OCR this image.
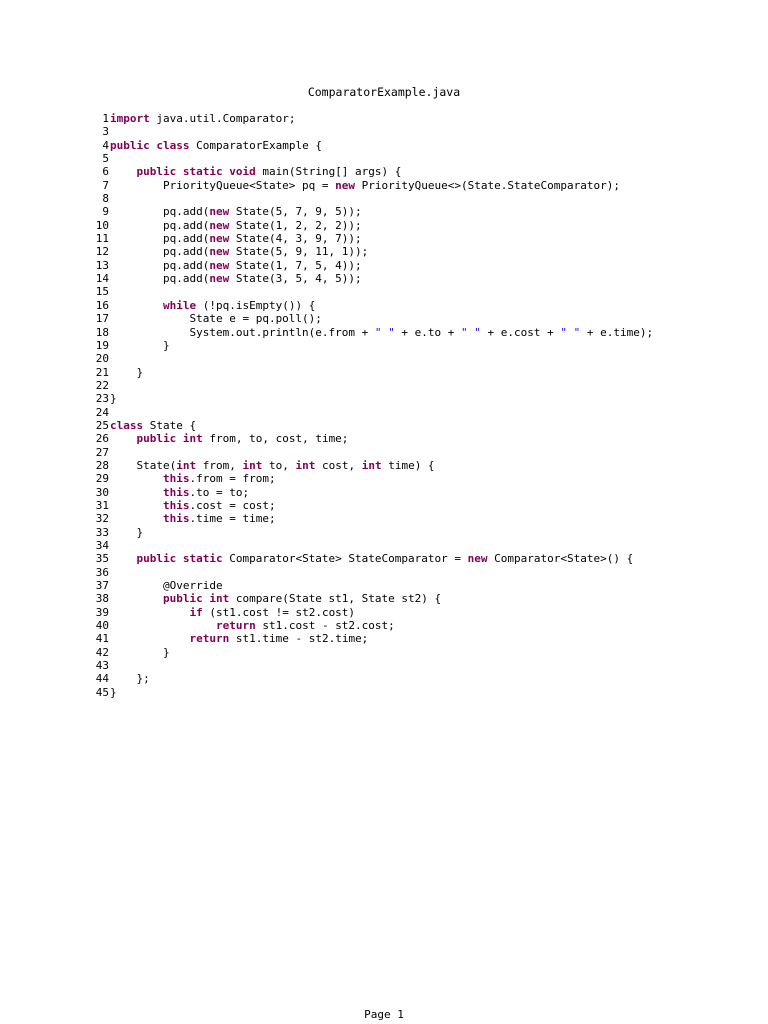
ComparatorExample.java
1 import java.util.Comparator;
3
4 public class ComparatorExample {
5
6	public static void main(String[] args) {
7 PriorityQueue<State> pq = new PriorityQueue<>(State.StateComparator);
8
9 pq.add(new State(5, 7, 9, 5));
10 pq.add(new State(1, 2, 2, 2));
11 pq.add(new State(4, 3, 9, 7));
12 pq.add(new State(5, 9, 11, 1));
13 pq.add(new State(1, 7, 5, 4));
14 pq.add(new State(3, 5, 4, 5));
15
16	while (!pq.isEmpty()) {
17 State e = pq.poll();
18 System.out.println(e.from + " " + e.to + " " + e.cost + " " + e.time);
19 }
20
21 }
22
23 }
24
25 class State {
26	public int from, to, cost, time;
27
28 State(int from, int to, int cost, int time) {
29	this.from = from;
30	this.to = to;
31	this.cost = cost;
32	this.time = time;
33 }
34
35	public static Comparator<State> StateComparator = new Comparator<State>() {
36
37 @Override
38	public int compare(State st1, State st2) {
39	if (st1.cost != st2.cost)
40	return st1.cost - st2.cost;
41	return st1.time - st2.time;
42 }
43
44 };
45 }
Page 1
